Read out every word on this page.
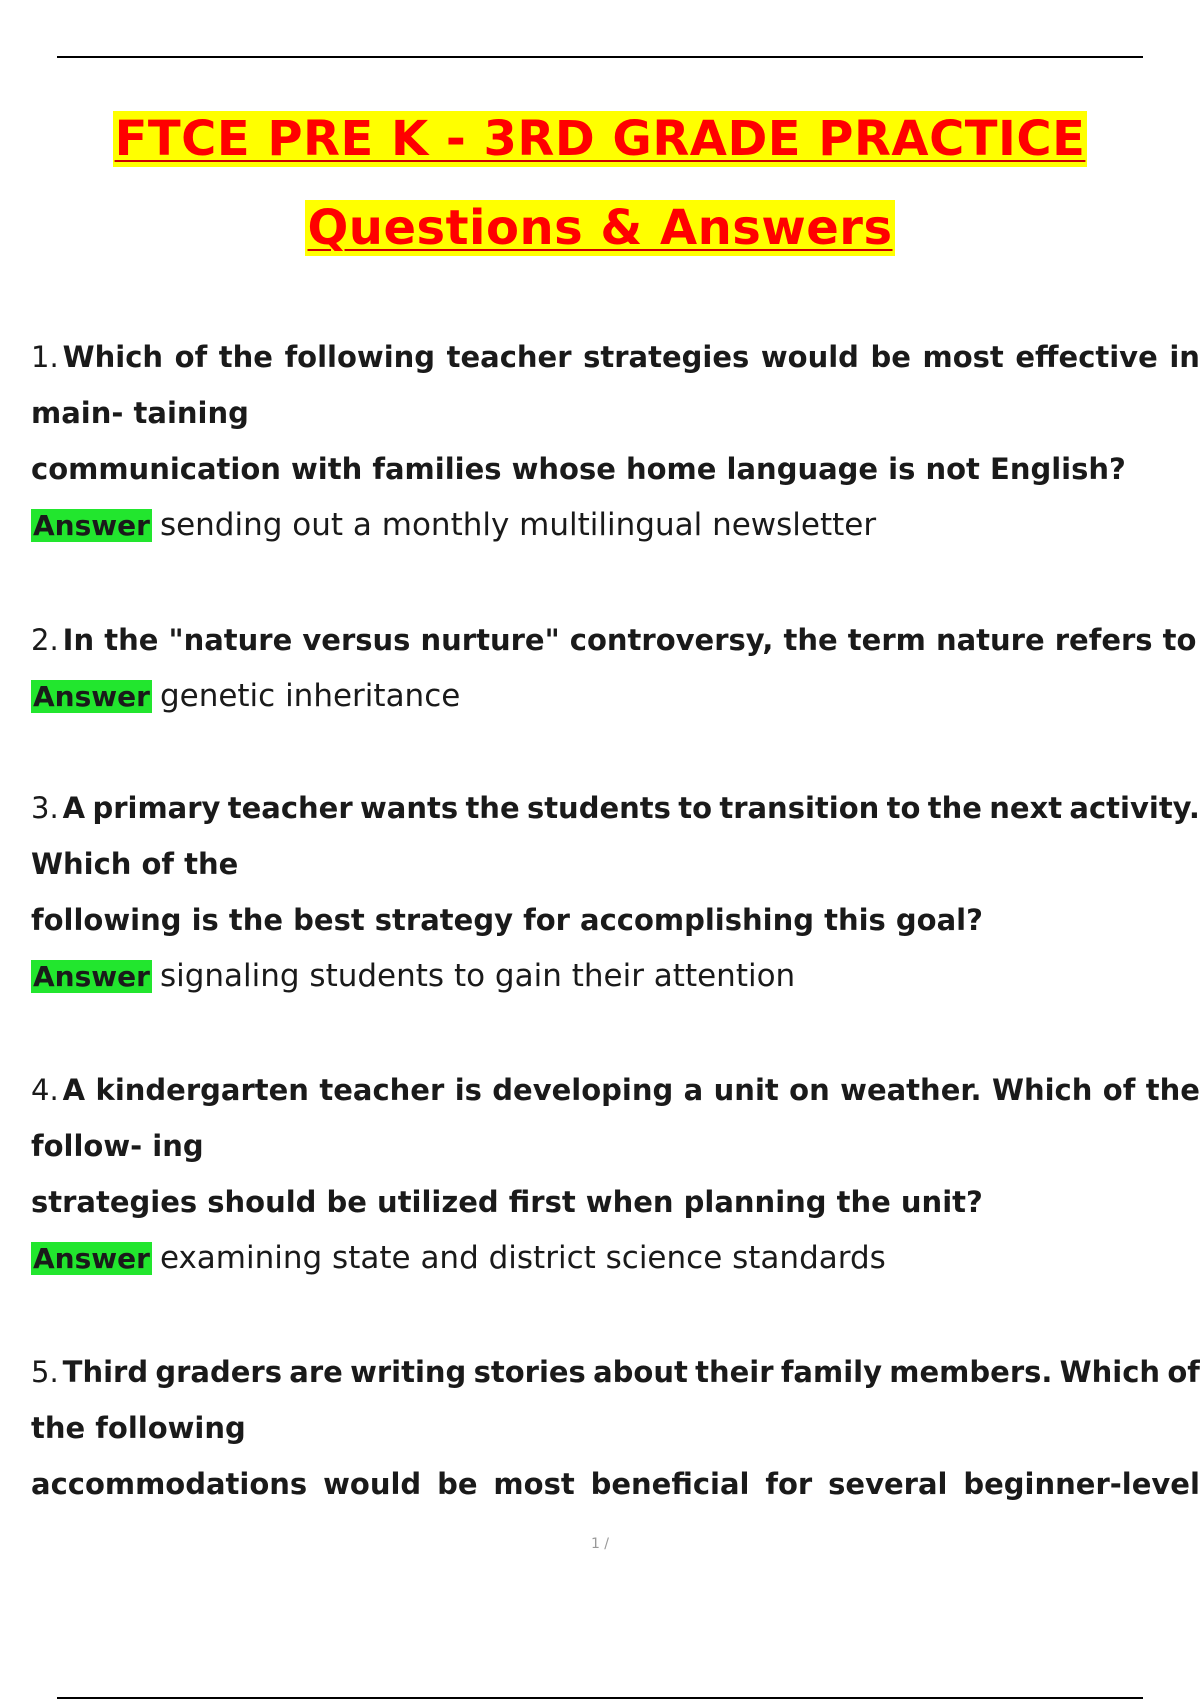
FTCE PRE K - 3RD GRADE PRACTICE
Questions & Answers
1. Which of the following teacher strategies would be most effective in
main- taining
communication with families whose home language is not English?
Answer sending out a monthly multilingual newsletter
2. In the "nature versus nurture" controversy, the term nature refers to
Answer genetic inheritance
3. A primary teacher wants the students to transition to the next activity.
Which of the
following is the best strategy for accomplishing this goal?
Answer signaling students to gain their attention
4. A kindergarten teacher is developing a unit on weather. Which of the
follow- ing
strategies should be utilized first when planning the unit?
Answer examining state and district science standards
5. Third graders are writing stories about their family members. Which of
the following
accommodations would be most beneficial for several beginner-level
1 /
